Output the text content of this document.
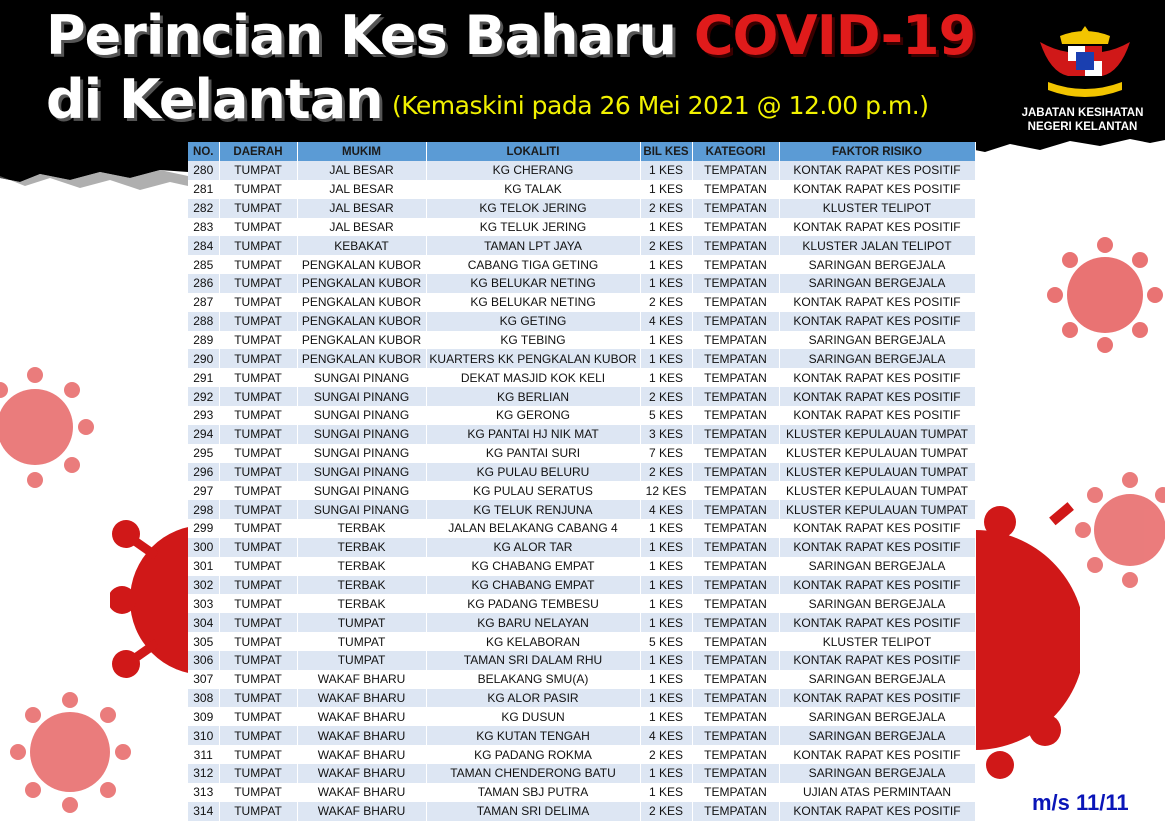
Perincian Kes Baharu COVID-19
di Kelantan (Kemaskini pada 26 Mei 2021 @ 12.00 p.m.)	JABATAN KESIHATAN
NEGERI KELANTAN
NO.	DAERAH	MUKIM	LOKALITI	BIL KES	KATEGORI	FAKTOR RISIKO
280	TUMPAT	JAL BESAR	KG CHERANG	1 KES	TEMPATAN	KONTAK RAPAT KES POSITIF
281	TUMPAT	JAL BESAR	KG TALAK	1 KES	TEMPATAN	KONTAK RAPAT KES POSITIF
282	TUMPAT	JAL BESAR	KG TELOK JERING	2 KES	TEMPATAN	KLUSTER TELIPOT
283	TUMPAT	JAL BESAR	KG TELUK JERING	1 KES	TEMPATAN	KONTAK RAPAT KES POSITIF
284	TUMPAT	KEBAKAT	TAMAN LPT JAYA	2 KES	TEMPATAN	KLUSTER JALAN TELIPOT
285	TUMPAT	PENGKALAN KUBOR	CABANG TIGA GETING	1 KES	TEMPATAN	SARINGAN BERGEJALA
286	TUMPAT	PENGKALAN KUBOR	KG BELUKAR NETING	1 KES	TEMPATAN	SARINGAN BERGEJALA
287	TUMPAT	PENGKALAN KUBOR	KG BELUKAR NETING	2 KES	TEMPATAN	KONTAK RAPAT KES POSITIF
288	TUMPAT	PENGKALAN KUBOR	KG GETING	4 KES	TEMPATAN	KONTAK RAPAT KES POSITIF
289	TUMPAT	PENGKALAN KUBOR	KG TEBING	1 KES	TEMPATAN	SARINGAN BERGEJALA
290	TUMPAT	PENGKALAN KUBOR	KUARTERS KK PENGKALAN KUBOR	1 KES	TEMPATAN	SARINGAN BERGEJALA
291	TUMPAT	SUNGAI PINANG	DEKAT MASJID KOK KELI	1 KES	TEMPATAN	KONTAK RAPAT KES POSITIF
292	TUMPAT	SUNGAI PINANG	KG BERLIAN	2 KES	TEMPATAN	KONTAK RAPAT KES POSITIF
293	TUMPAT	SUNGAI PINANG	KG GERONG	5 KES	TEMPATAN	KONTAK RAPAT KES POSITIF
294	TUMPAT	SUNGAI PINANG	KG PANTAI HJ NIK MAT	3 KES	TEMPATAN	KLUSTER KEPULAUAN TUMPAT
295	TUMPAT	SUNGAI PINANG	KG PANTAI SURI	7 KES	TEMPATAN	KLUSTER KEPULAUAN TUMPAT
296	TUMPAT	SUNGAI PINANG	KG PULAU BELURU	2 KES	TEMPATAN	KLUSTER KEPULAUAN TUMPAT
297	TUMPAT	SUNGAI PINANG	KG PULAU SERATUS	12 KES	TEMPATAN	KLUSTER KEPULAUAN TUMPAT
298	TUMPAT	SUNGAI PINANG	KG TELUK RENJUNA	4 KES	TEMPATAN	KLUSTER KEPULAUAN TUMPAT
299	TUMPAT	TERBAK	JALAN BELAKANG CABANG 4	1 KES	TEMPATAN	KONTAK RAPAT KES POSITIF
300	TUMPAT	TERBAK	KG ALOR TAR	1 KES	TEMPATAN	KONTAK RAPAT KES POSITIF
301	TUMPAT	TERBAK	KG CHABANG EMPAT	1 KES	TEMPATAN	SARINGAN BERGEJALA
302	TUMPAT	TERBAK	KG CHABANG EMPAT	1 KES	TEMPATAN	KONTAK RAPAT KES POSITIF
303	TUMPAT	TERBAK	KG PADANG TEMBESU	1 KES	TEMPATAN	SARINGAN BERGEJALA
304	TUMPAT	TUMPAT	KG BARU NELAYAN	1 KES	TEMPATAN	KONTAK RAPAT KES POSITIF
305	TUMPAT	TUMPAT	KG KELABORAN	5 KES	TEMPATAN	KLUSTER TELIPOT
306	TUMPAT	TUMPAT	TAMAN SRI DALAM RHU	1 KES	TEMPATAN	KONTAK RAPAT KES POSITIF
307	TUMPAT	WAKAF BHARU	BELAKANG SMU(A)	1 KES	TEMPATAN	SARINGAN BERGEJALA
308	TUMPAT	WAKAF BHARU	KG ALOR PASIR	1 KES	TEMPATAN	KONTAK RAPAT KES POSITIF
309	TUMPAT	WAKAF BHARU	KG DUSUN	1 KES	TEMPATAN	SARINGAN BERGEJALA
310	TUMPAT	WAKAF BHARU	KG KUTAN TENGAH	4 KES	TEMPATAN	SARINGAN BERGEJALA
311	TUMPAT	WAKAF BHARU	KG PADANG ROKMA	2 KES	TEMPATAN	KONTAK RAPAT KES POSITIF
312	TUMPAT	WAKAF BHARU	TAMAN CHENDERONG BATU	1 KES	TEMPATAN	SARINGAN BERGEJALA
313	TUMPAT	WAKAF BHARU	TAMAN SBJ PUTRA	1 KES	TEMPATAN	UJIAN ATAS PERMINTAAN
314	TUMPAT	WAKAF BHARU	TAMAN SRI DELIMA	2 KES	TEMPATAN	KONTAK RAPAT KES POSITIF	m/s 11/11
